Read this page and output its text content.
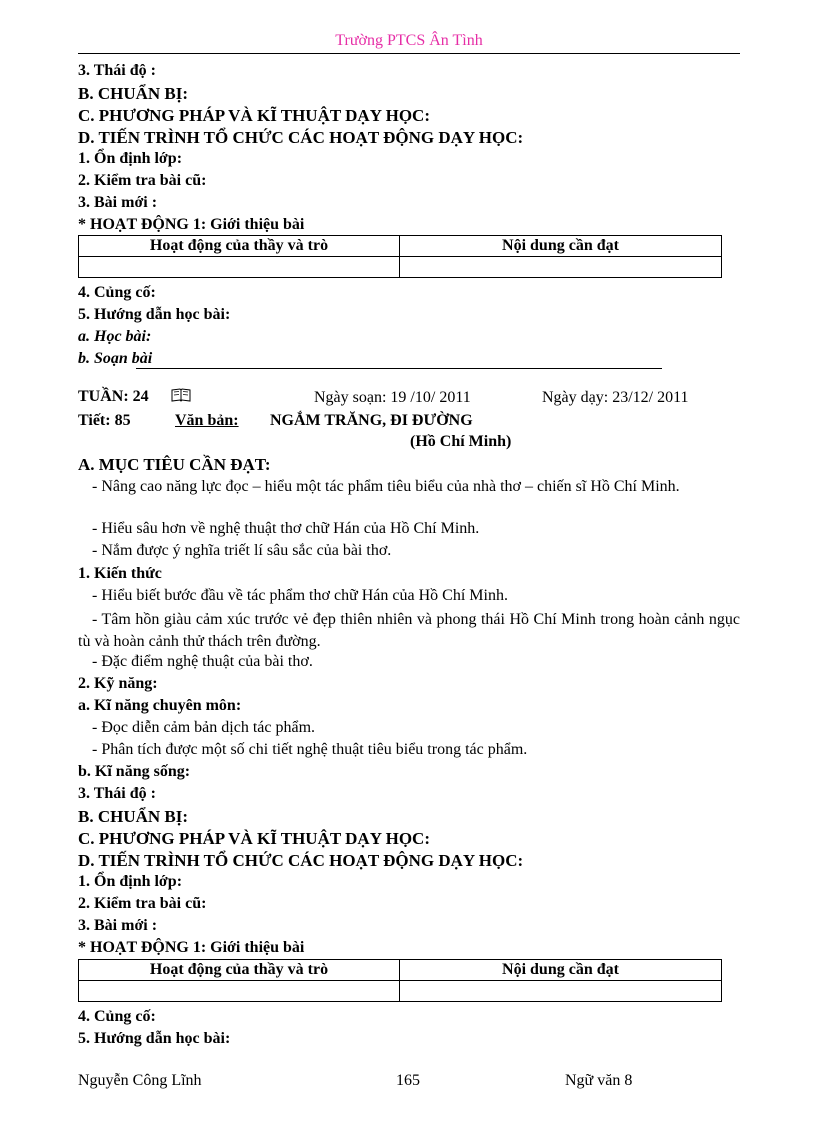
Trường PTCS Ân Tình
3. Thái độ :
B. CHUẨN BỊ:
C. PHƯƠNG PHÁP VÀ KĨ THUẬT DẠY HỌC:
D. TIẾN TRÌNH TỔ CHỨC CÁC HOẠT ĐỘNG DẠY HỌC:
1. Ổn định lớp:
2. Kiểm tra bài cũ:
3. Bài mới :
* HOẠT ĐỘNG 1: Giới thiệu bài
Hoạt động của thầy và trò	Nội dung cần đạt

4. Củng cố:
5. Hướng dẫn học bài:
a. Học bài:
b. Soạn bài
TUẦN: 24	Ngày soạn: 19 /10/ 2011	Ngày dạy: 23/12/ 2011
Tiết: 85	Văn bản: NGẮM TRĂNG, ĐI ĐƯỜNG
(Hồ Chí Minh)
A. MỤC TIÊU CẦN ĐẠT:
- Nâng cao năng lực đọc – hiểu một tác phẩm tiêu biểu của nhà thơ – chiến sĩ Hồ Chí Minh.
- Hiểu sâu hơn về nghệ thuật thơ chữ Hán của Hồ Chí Minh.
- Nắm được ý nghĩa triết lí sâu sắc của bài thơ.
1. Kiến thức
- Hiểu biết bước đầu về tác phẩm thơ chữ Hán của Hồ Chí Minh.
- Tâm hồn giàu cảm xúc trước vẻ đẹp thiên nhiên và phong thái Hồ Chí Minh trong hoàn cảnh ngục tù và hoàn cảnh thử thách trên đường.
- Đặc điểm nghệ thuật của bài thơ.
2. Kỹ năng:
a. Kĩ năng chuyên môn:
- Đọc diễn cảm bản dịch tác phẩm.
- Phân tích được một số chi tiết nghệ thuật tiêu biểu trong tác phẩm.
b. Kĩ năng sống:
3. Thái độ :
B. CHUẨN BỊ:
C. PHƯƠNG PHÁP VÀ KĨ THUẬT DẠY HỌC:
D. TIẾN TRÌNH TỔ CHỨC CÁC HOẠT ĐỘNG DẠY HỌC:
1. Ổn định lớp:
2. Kiểm tra bài cũ:
3. Bài mới :
* HOẠT ĐỘNG 1: Giới thiệu bài
Hoạt động của thầy và trò	Nội dung cần đạt

4. Củng cố:
5. Hướng dẫn học bài:
Nguyễn Công Lĩnh	165	Ngữ văn 8
